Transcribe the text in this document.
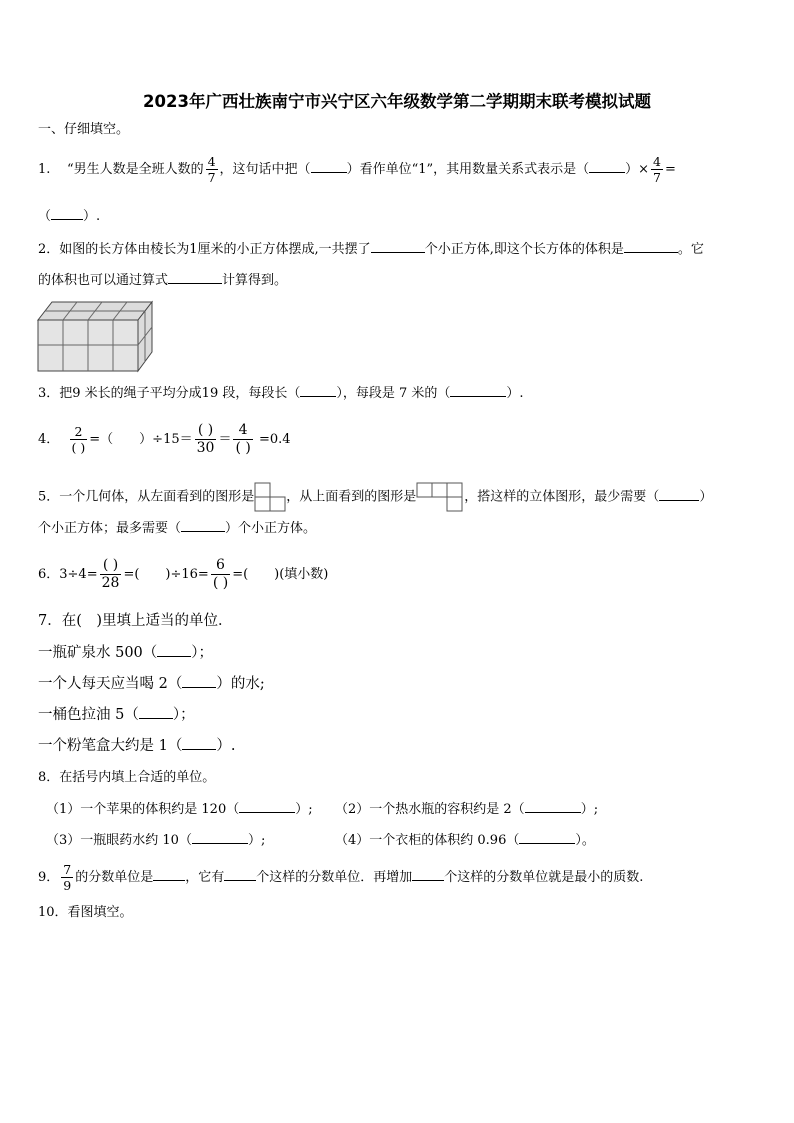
2023年广西壮族南宁市兴宁区六年级数学第二学期期末联考模拟试题
一、仔细填空。
1. “男生人数是全班人数的 $\frac{4}{7}$ ，这句话中把（	）看作单位“1”，其用数量关系式表示是（	）× $\frac{4}{7}$ =
（ ）.
2．如图的长方体由棱长为1厘米的小正方体摆成,一共摆了	个小正方体,即这个长方体的体积是	。它
的体积也可以通过算式	计算得到。
3．把9 米长的绳子平均分成19 段，每段长（	），每段是 7 米的（	）.
4． $\frac{2}{( )}$ =（　　）$\div 15= \frac{( )}{30} = \frac{4}{( )} =0.4$
5．一个几何体，从左面看到的图形是 ，从上面看到的图形是	，搭这样的立体图形，最少需要（	）
个小正方体；最多需要（	）个小正方体。
6．$3\div 4= \frac{( )}{28}$ =(　　)$\div 16= \frac{6}{( )}$ =(　　)(填小数)
7．在(　)里填上适当的单位．
一瓶矿泉水 500（ ）；
一个人每天应当喝 2（ ）的水;
一桶色拉油 5（ ）；
一个粉笔盒大约是 1（ ）.
8．在括号内填上合适的单位。
（1）一个苹果的体积约是 120（	）; （2）一个热水瓶的容积约是 2（	）;
（3）一瓶眼药水约 10（	）;	（4）一个衣柜的体积约 0.96（	）。
9． $\frac{7}{9}$ 的分数单位是 ，它有 个这样的分数单位．再增加 个这样的分数单位就是最小的质数.
10．看图填空。
